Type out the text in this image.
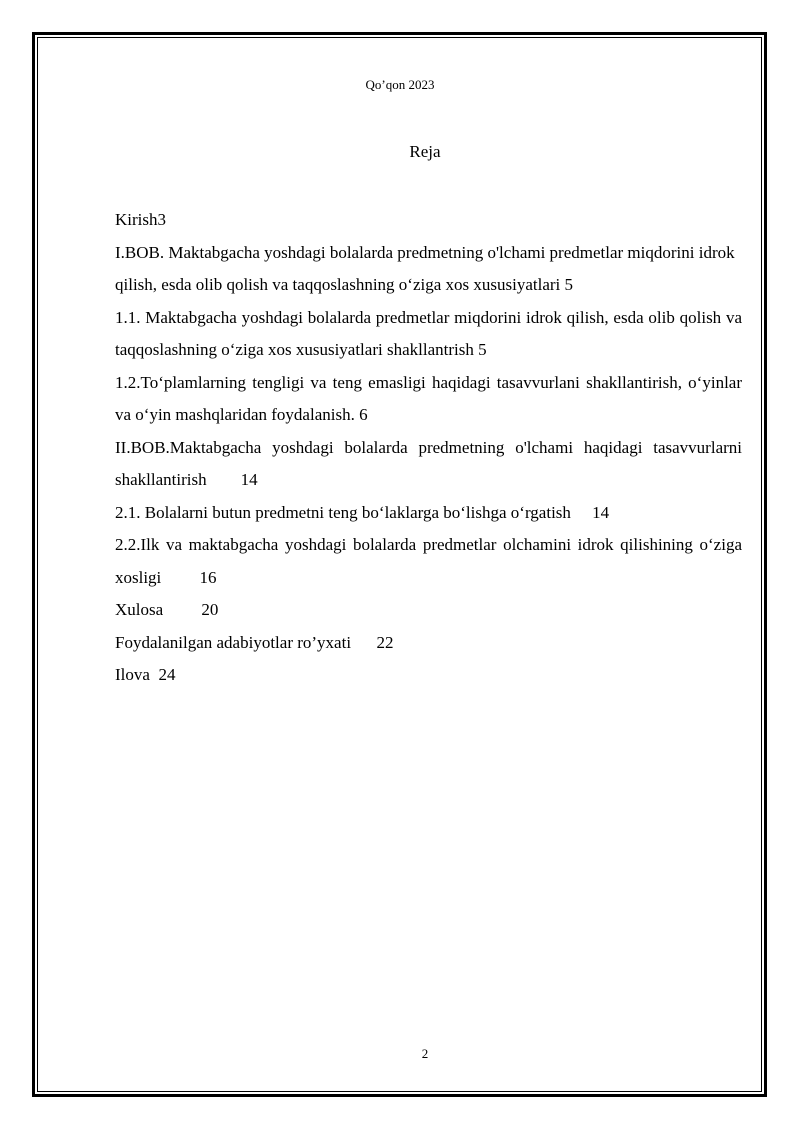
Qo’qon 2023
Reja
Kirish3
I.BOB. Maktabgacha yoshdagi bolalarda predmetning o'lchami predmetlar miqdorini idrok qilish, esda olib qolish va taqqoslashning o‘ziga xos xususiyatlari 5
1.1. Maktabgacha yoshdagi bolalarda predmetlar miqdorini idrok qilish, esda olib qolish va taqqoslashning o‘ziga xos xususiyatlari shakllantrish 5
1.2.To‘plamlarning tengligi va teng emasligi haqidagi tasavvurlani shakllantirish, o‘yinlar va o‘yin mashqlaridan foydalanish. 6
II.BOB.Maktabgacha yoshdagi bolalarda predmetning o'lchami haqidagi tasavvurlarni shakllantirish 14
2.1. Bolalarni butun predmetni teng bo‘laklarga bo‘lishga o‘rgatish 14
2.2.Ilk va maktabgacha yoshdagi bolalarda predmetlar olchamini idrok qilishining o‘ziga xosligi 16
Xulosa 20
Foydalanilgan adabiyotlar ro’yxati 22
Ilova 24
2
